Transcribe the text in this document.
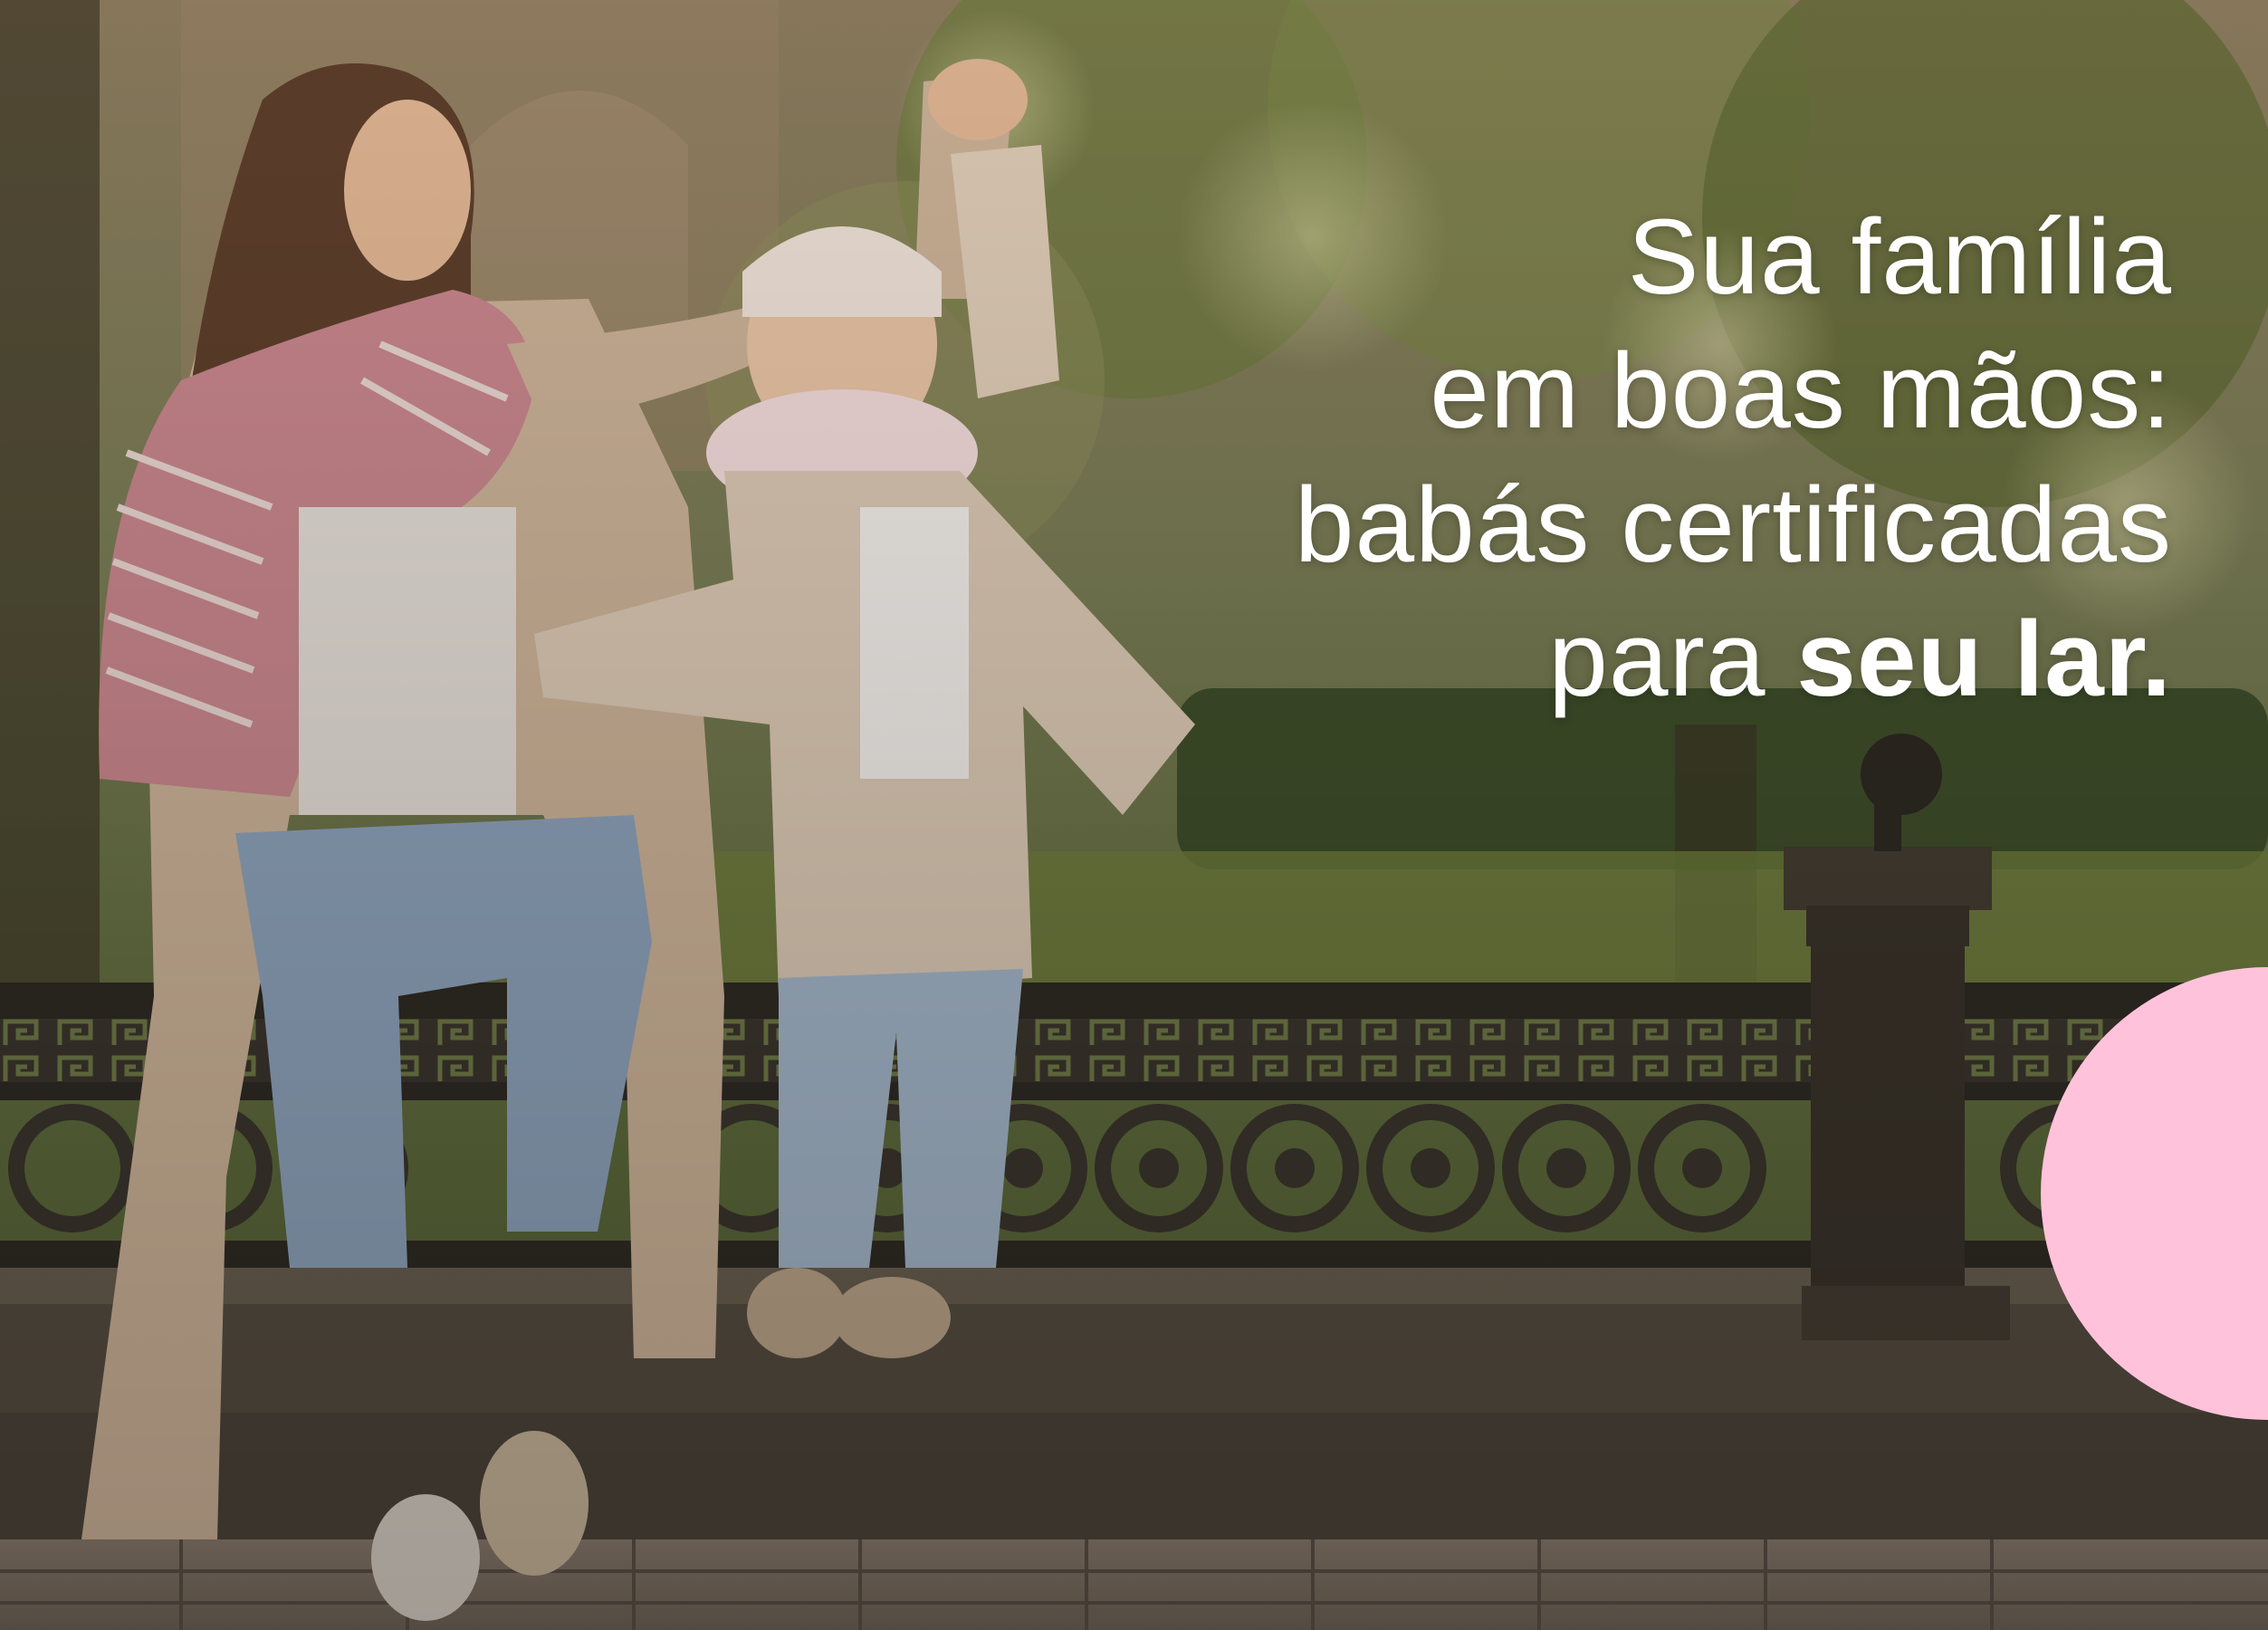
Sua família
em boas mãos:
babás certificadas
para seu lar.
